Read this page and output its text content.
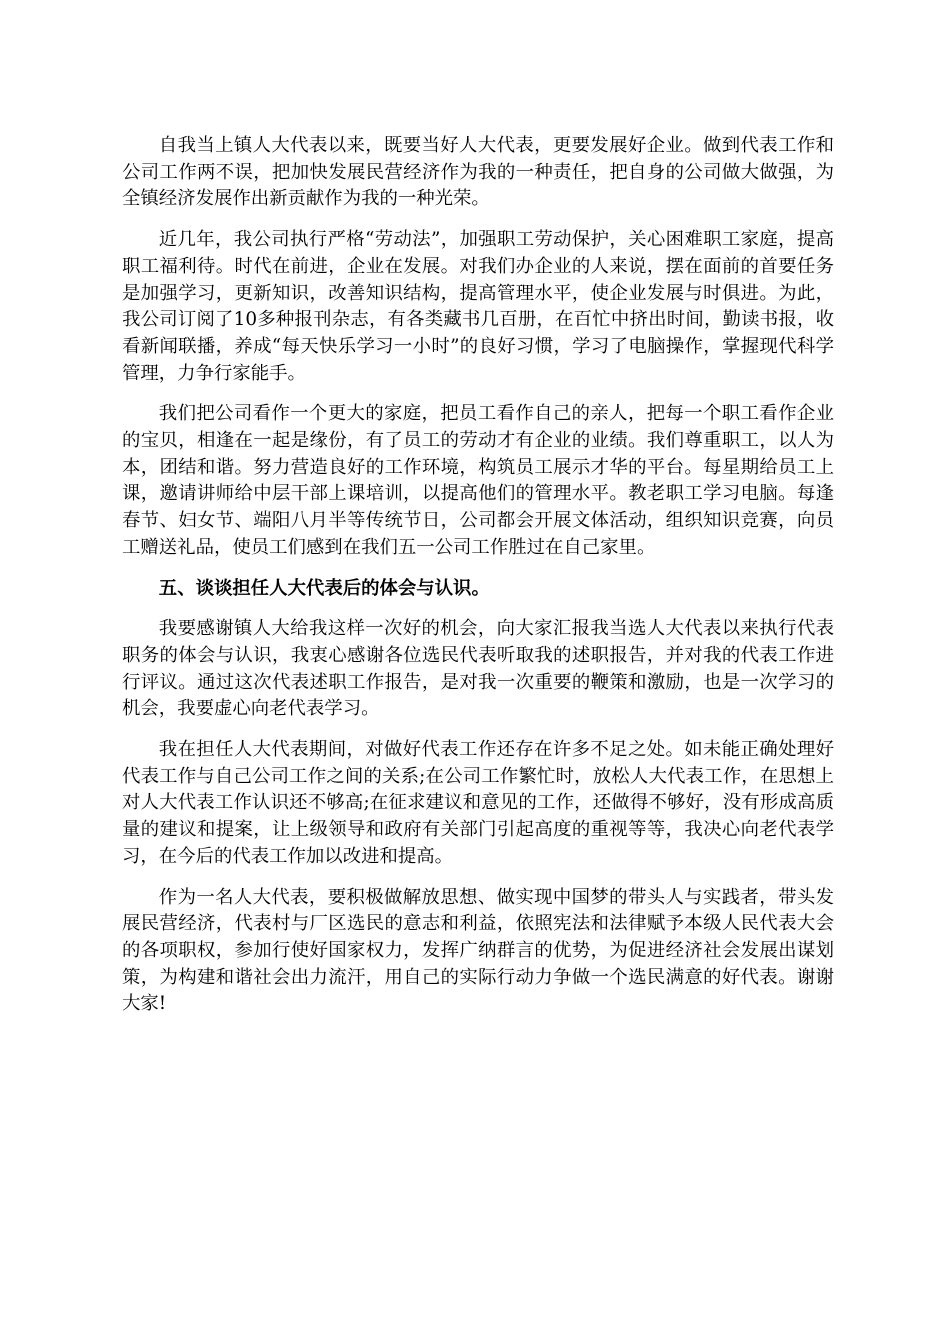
自我当上镇人大代表以来，既要当好人大代表，更要发展好企业。做到代表工作和公司工作两不误，把加快发展民营经济作为我的一种责任，把自身的公司做大做强，为全镇经济发展作出新贡献作为我的一种光荣。

近几年，我公司执行严格“劳动法”，加强职工劳动保护，关心困难职工家庭，提高职工福利待。时代在前进，企业在发展。对我们办企业的人来说，摆在面前的首要任务是加强学习，更新知识，改善知识结构，提高管理水平，使企业发展与时俱进。为此，我公司订阅了10多种报刊杂志，有各类藏书几百册，在百忙中挤出时间，勤读书报，收看新闻联播，养成“每天快乐学习一小时”的良好习惯，学习了电脑操作，掌握现代科学管理，力争行家能手。

我们把公司看作一个更大的家庭，把员工看作自己的亲人，把每一个职工看作企业的宝贝，相逢在一起是缘份，有了员工的劳动才有企业的业绩。我们尊重职工，以人为本，团结和谐。努力营造良好的工作环境，构筑员工展示才华的平台。每星期给员工上课，邀请讲师给中层干部上课培训，以提高他们的管理水平。教老职工学习电脑。每逢春节、妇女节、端阳八月半等传统节日，公司都会开展文体活动，组织知识竞赛，向员工赠送礼品，使员工们感到在我们五一公司工作胜过在自己家里。

五、谈谈担任人大代表后的体会与认识。

我要感谢镇人大给我这样一次好的机会，向大家汇报我当选人大代表以来执行代表职务的体会与认识，我衷心感谢各位选民代表听取我的述职报告，并对我的代表工作进行评议。通过这次代表述职工作报告，是对我一次重要的鞭策和激励，也是一次学习的机会，我要虚心向老代表学习。

我在担任人大代表期间，对做好代表工作还存在许多不足之处。如未能正确处理好代表工作与自己公司工作之间的关系;在公司工作繁忙时，放松人大代表工作，在思想上对人大代表工作认识还不够高;在征求建议和意见的工作，还做得不够好，没有形成高质量的建议和提案，让上级领导和政府有关部门引起高度的重视等等，我决心向老代表学习，在今后的代表工作加以改进和提高。

作为一名人大代表，要积极做解放思想、做实现中国梦的带头人与实践者，带头发展民营经济，代表村与厂区选民的意志和利益，依照宪法和法律赋予本级人民代表大会的各项职权，参加行使好国家权力，发挥广纳群言的优势，为促进经济社会发展出谋划策，为构建和谐社会出力流汗，用自己的实际行动力争做一个选民满意的好代表。谢谢大家!
